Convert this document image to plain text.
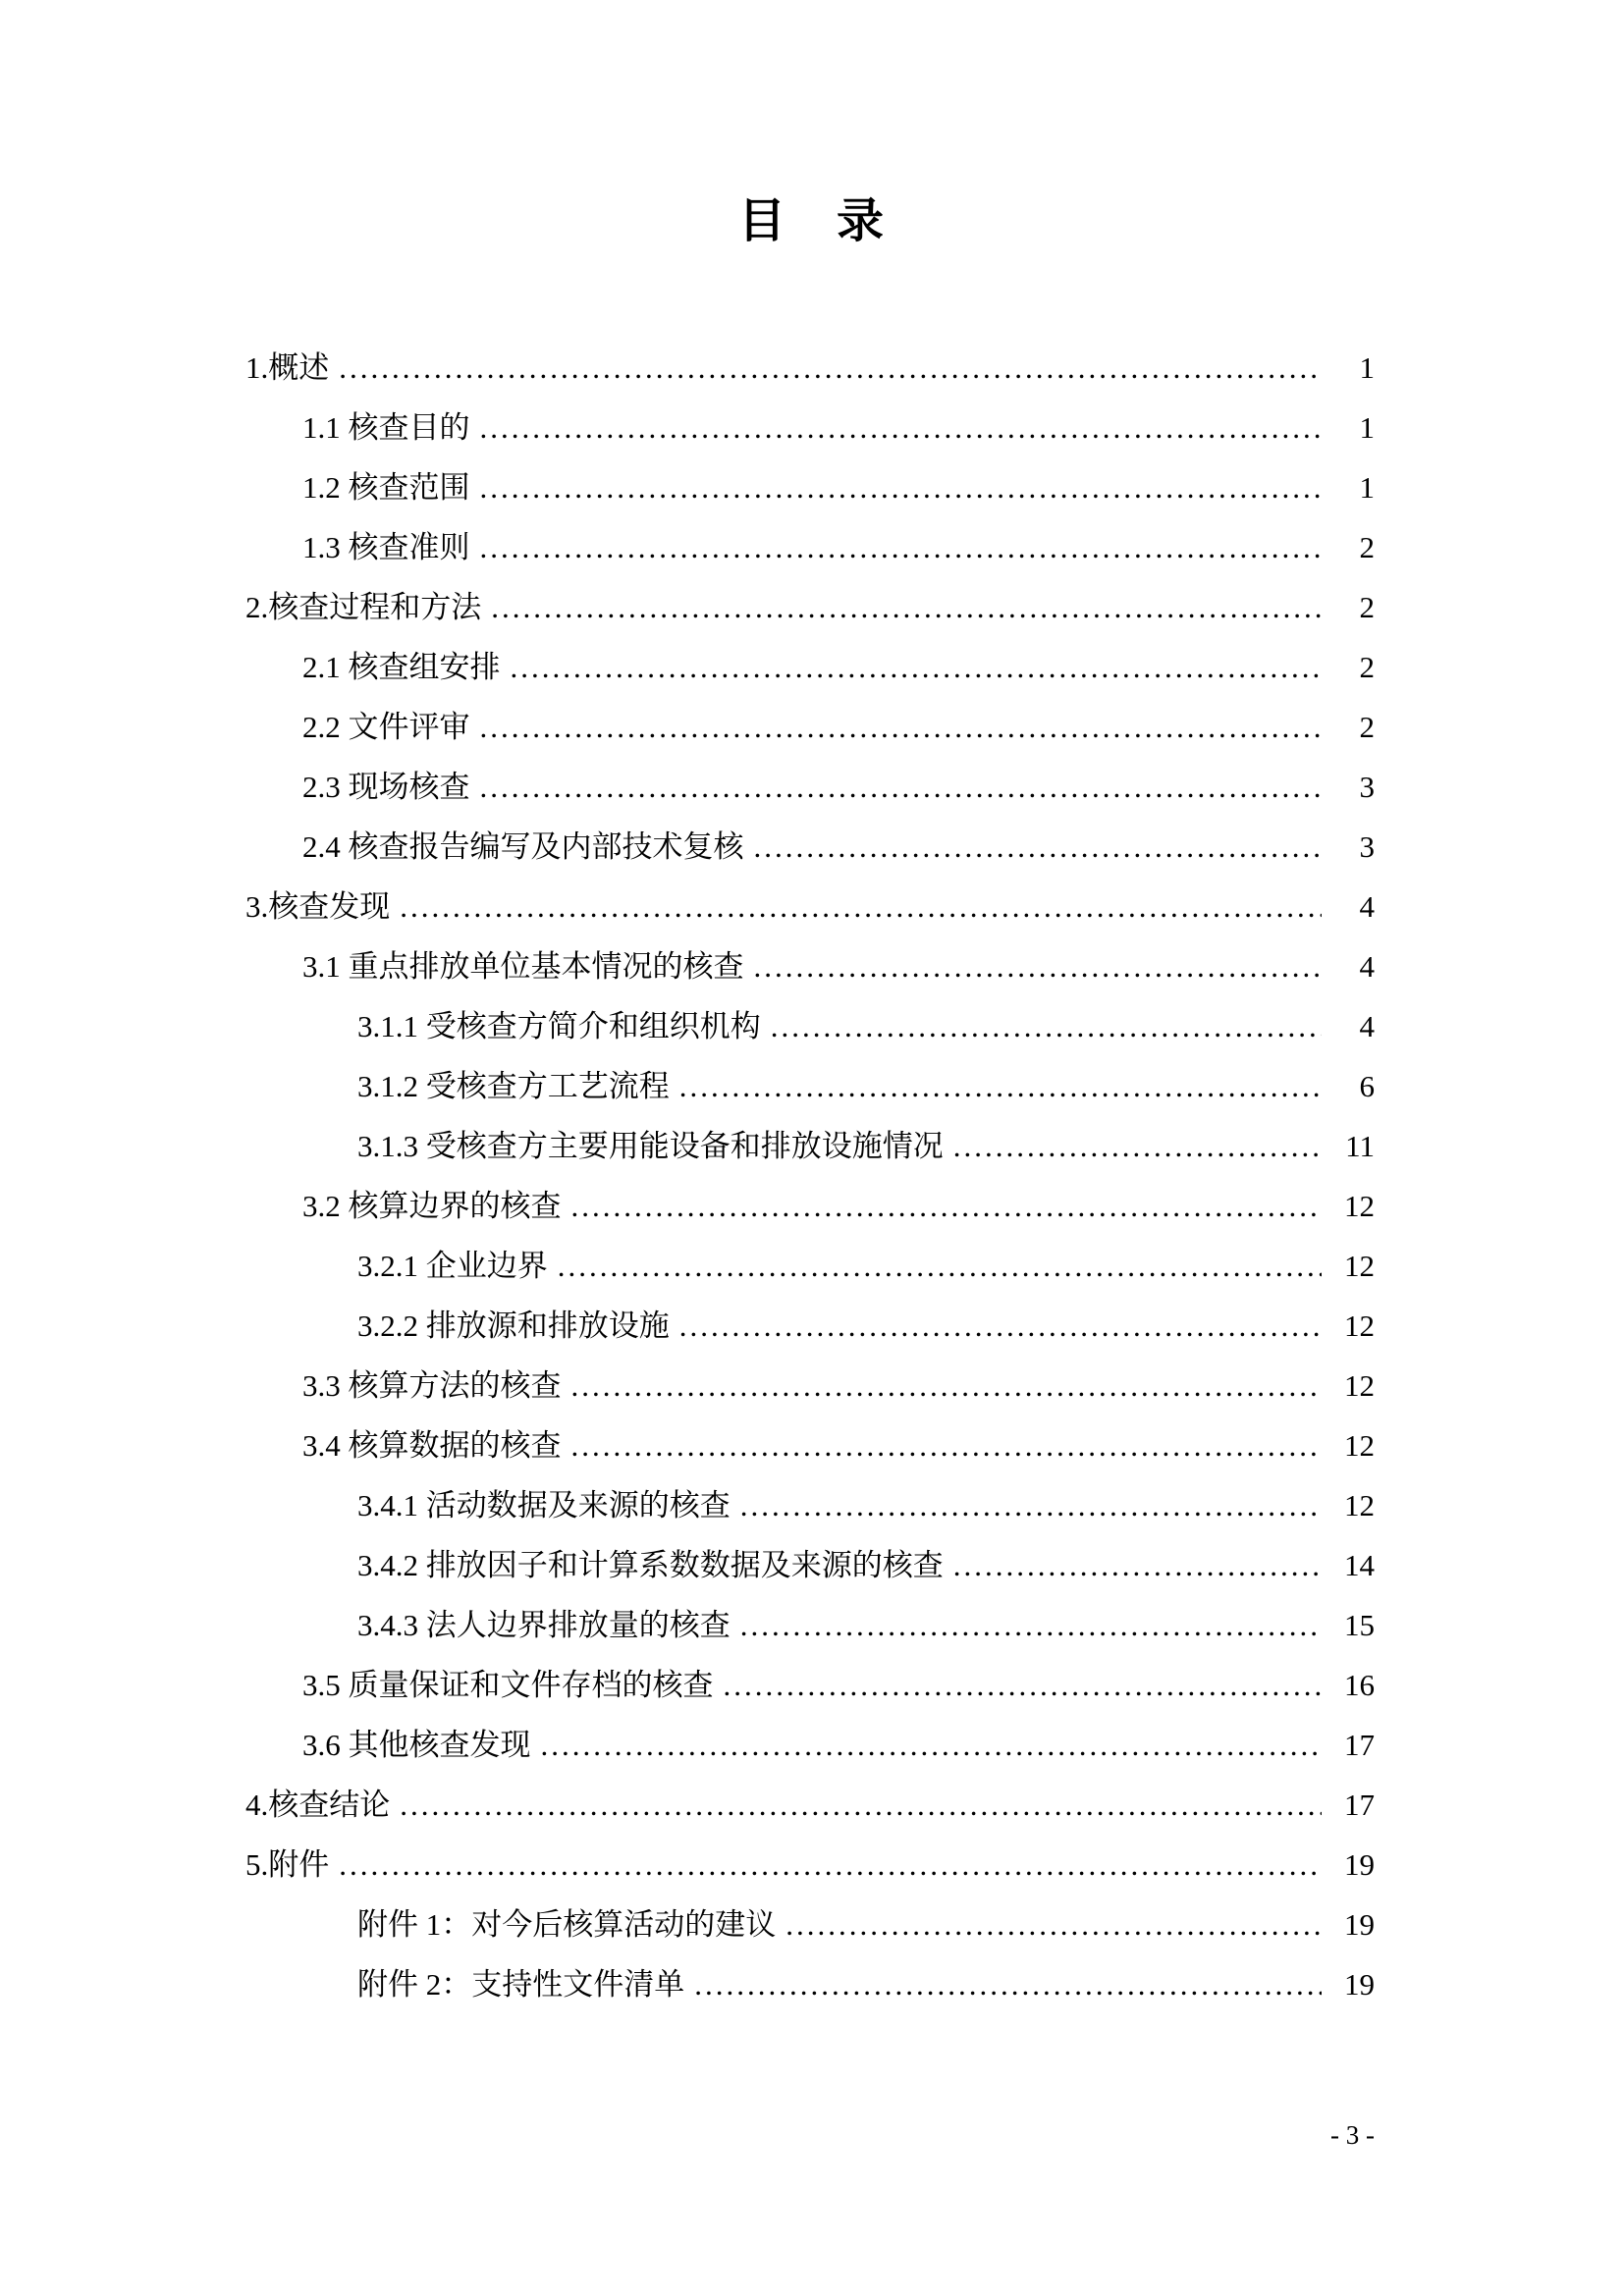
目　录
1.概述 .....	1
1.1 核查目的 .....	1
1.2 核查范围 .....	1
1.3 核查准则 .....	2
2.核查过程和方法 .....	2
2.1 核查组安排 .....	2
2.2 文件评审 .....	2
2.3 现场核查 .....	3
2.4 核查报告编写及内部技术复核 .....	3
3.核查发现 .....	4
3.1 重点排放单位基本情况的核查 .....	4
3.1.1 受核查方简介和组织机构 .....	4
3.1.2 受核查方工艺流程 .....	6
3.1.3 受核查方主要用能设备和排放设施情况 .....	11
3.2 核算边界的核查 .....	12
3.2.1 企业边界 .....	12
3.2.2 排放源和排放设施 .....	12
3.3 核算方法的核查 .....	12
3.4 核算数据的核查 .....	12
3.4.1 活动数据及来源的核查 .....	12
3.4.2 排放因子和计算系数数据及来源的核查 .....	14
3.4.3 法人边界排放量的核查 .....	15
3.5 质量保证和文件存档的核查 .....	16
3.6 其他核查发现 .....	17
4.核查结论 .....	17
5.附件 .....	19
附件 1：对今后核算活动的建议 .....	19
附件 2：支持性文件清单 .....	19
- 3 -
